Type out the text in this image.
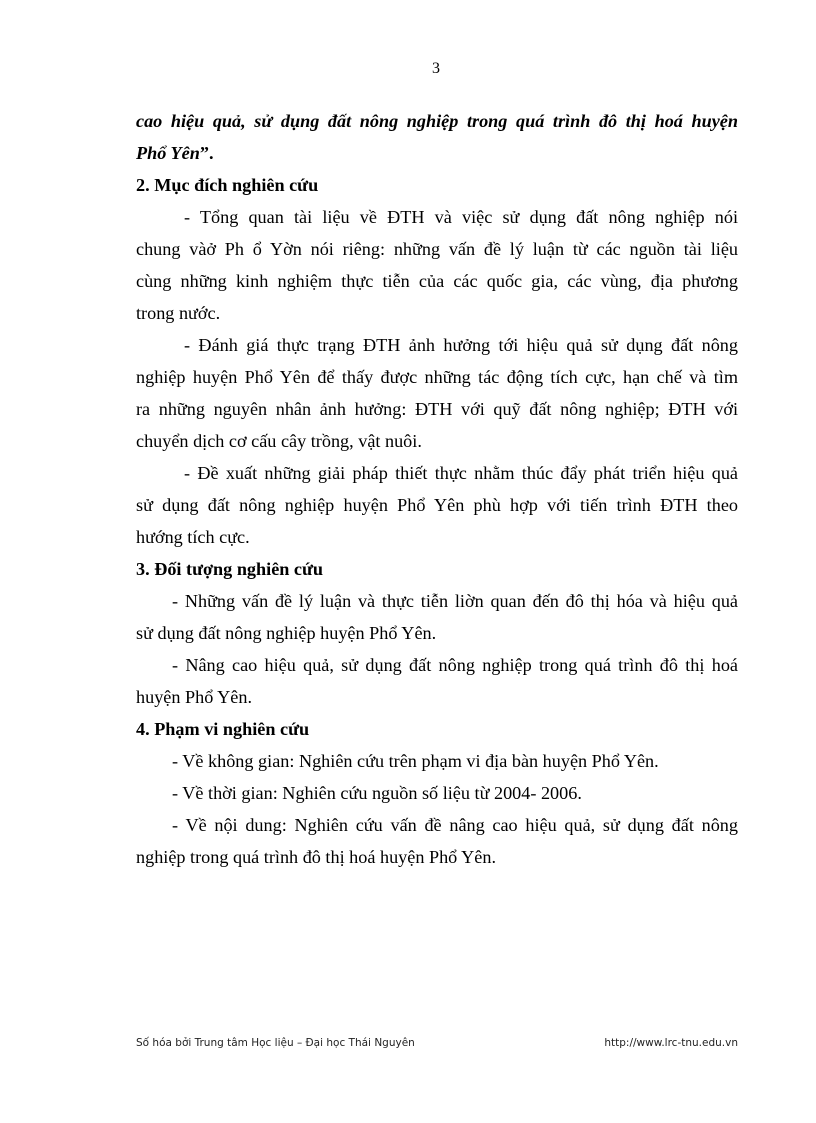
3
cao hiệu quả, sử dụng đất nông nghiệp trong quá trình đô thị hoá huyện
Phổ Yên”.
2. Mục đích nghiên cứu
- Tổng quan tài liệu về ĐTH và việc sử dụng đất nông nghiệp nói
chung vàở Ph ổ Yờn nói riêng: những vấn đề lý luận từ các nguồn tài liệu
cùng những kinh nghiệm thực tiễn của các quốc gia, các vùng, địa phương
trong nước.
- Đánh giá thực trạng ĐTH ảnh hưởng tới hiệu quả sử dụng đất nông
nghiệp huyện Phổ Yên để thấy được những tác động tích cực, hạn chế và tìm
ra những nguyên nhân ảnh hưởng: ĐTH với quỹ đất nông nghiệp; ĐTH với
chuyển dịch cơ cấu cây trồng, vật nuôi.
- Đề xuất những giải pháp thiết thực nhằm thúc đẩy phát triển hiệu quả
sử dụng đất nông nghiệp huyện Phổ Yên phù hợp với tiến trình ĐTH theo
hướng tích cực.
3. Đối tượng nghiên cứu
- Những vấn đề lý luận và thực tiễn liờn quan đến đô thị hóa và hiệu quả
sử dụng đất nông nghiệp huyện Phổ Yên.
- Nâng cao hiệu quả, sử dụng đất nông nghiệp trong quá trình đô thị hoá
huyện Phổ Yên.
4. Phạm vi nghiên cứu
- Về không gian: Nghiên cứu trên phạm vi địa bàn huyện Phổ Yên.
- Về thời gian: Nghiên cứu nguồn số liệu từ 2004- 2006.
- Về nội dung: Nghiên cứu vấn đề nâng cao hiệu quả, sử dụng đất nông
nghiệp trong quá trình đô thị hoá huyện Phổ Yên.
Số hóa bởi Trung tâm Học liệu – Đại học Thái Nguyên	http://www.lrc-tnu.edu.vn
